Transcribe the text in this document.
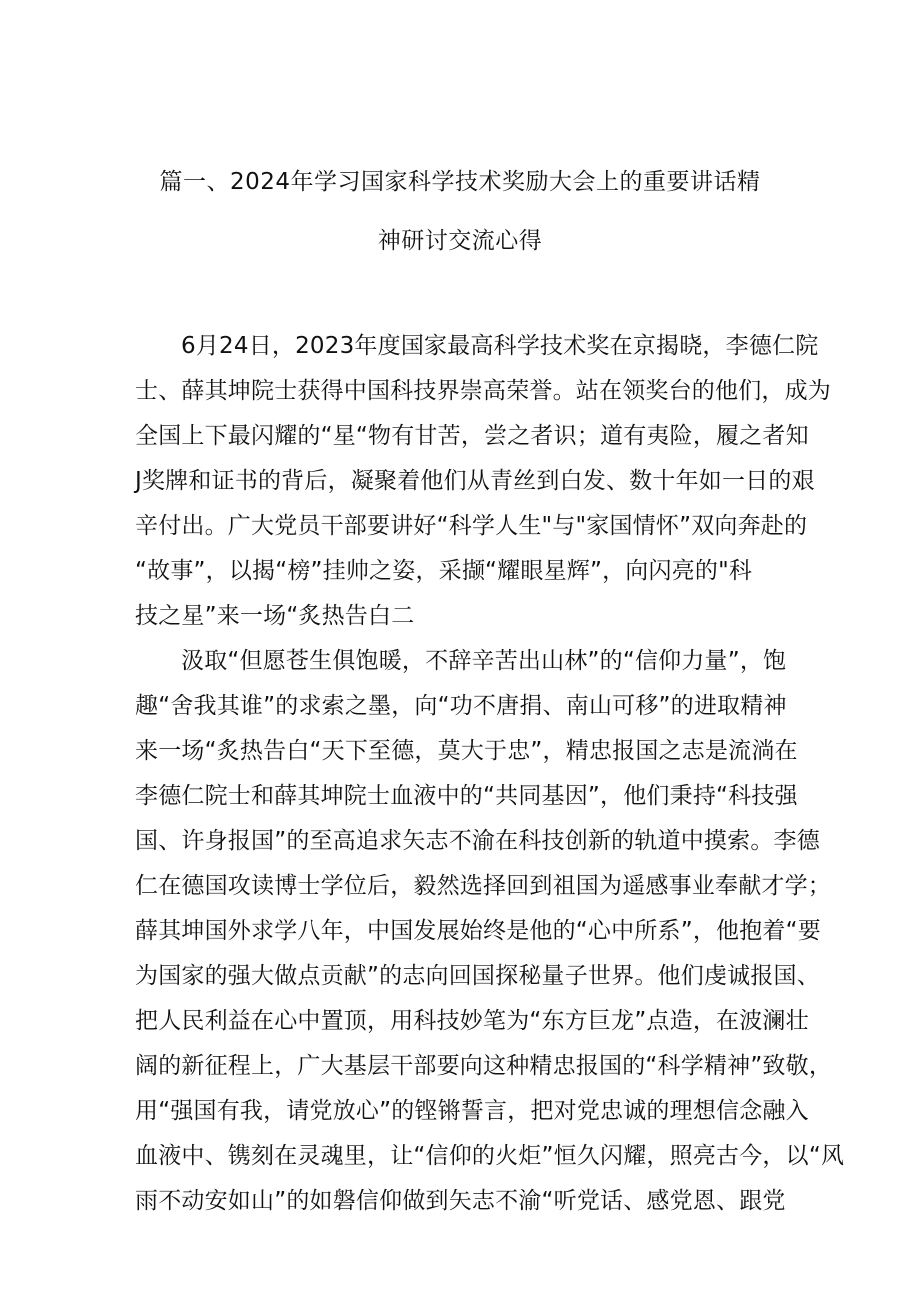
篇一、2024年学习国家科学技术奖励大会上的重要讲话精
神研讨交流心得
6月24日，2023年度国家最高科学技术奖在京揭晓，李德仁院
士、薛其坤院士获得中国科技界崇高荣誉。站在领奖台的他们，成为
全国上下最闪耀的“星“物有甘苦，尝之者识；道有夷险，履之者知
J奖牌和证书的背后，凝聚着他们从青丝到白发、数十年如一日的艰
辛付出。广大党员干部要讲好“科学人生"与"家国情怀”双向奔赴的
“故事”，以揭“榜”挂帅之姿，采撷“耀眼星辉”，向闪亮的"科
技之星”来一场“炙热告白二
汲取“但愿苍生俱饱暖，不辞辛苦出山林”的“信仰力量”，饱
趣“舍我其谁”的求索之墨，向“功不唐捐、南山可移”的进取精神
来一场“炙热告白“天下至德，莫大于忠”，精忠报国之志是流淌在
李德仁院士和薛其坤院士血液中的“共同基因”，他们秉持“科技强
国、许身报国”的至高追求矢志不渝在科技创新的轨道中摸索。李德
仁在德国攻读博士学位后，毅然选择回到祖国为遥感事业奉献才学；
薛其坤国外求学八年，中国发展始终是他的“心中所系”，他抱着“要
为国家的强大做点贡献”的志向回国探秘量子世界。他们虔诚报国、
把人民利益在心中置顶，用科技妙笔为“东方巨龙”点造，在波澜壮
阔的新征程上，广大基层干部要向这种精忠报国的“科学精神”致敬，
用“强国有我，请党放心”的铿锵誓言，把对党忠诚的理想信念融入
血液中、镌刻在灵魂里，让“信仰的火炬”恒久闪耀，照亮古今，以“风
雨不动安如山”的如磐信仰做到矢志不渝“听党话、感党恩、跟党
